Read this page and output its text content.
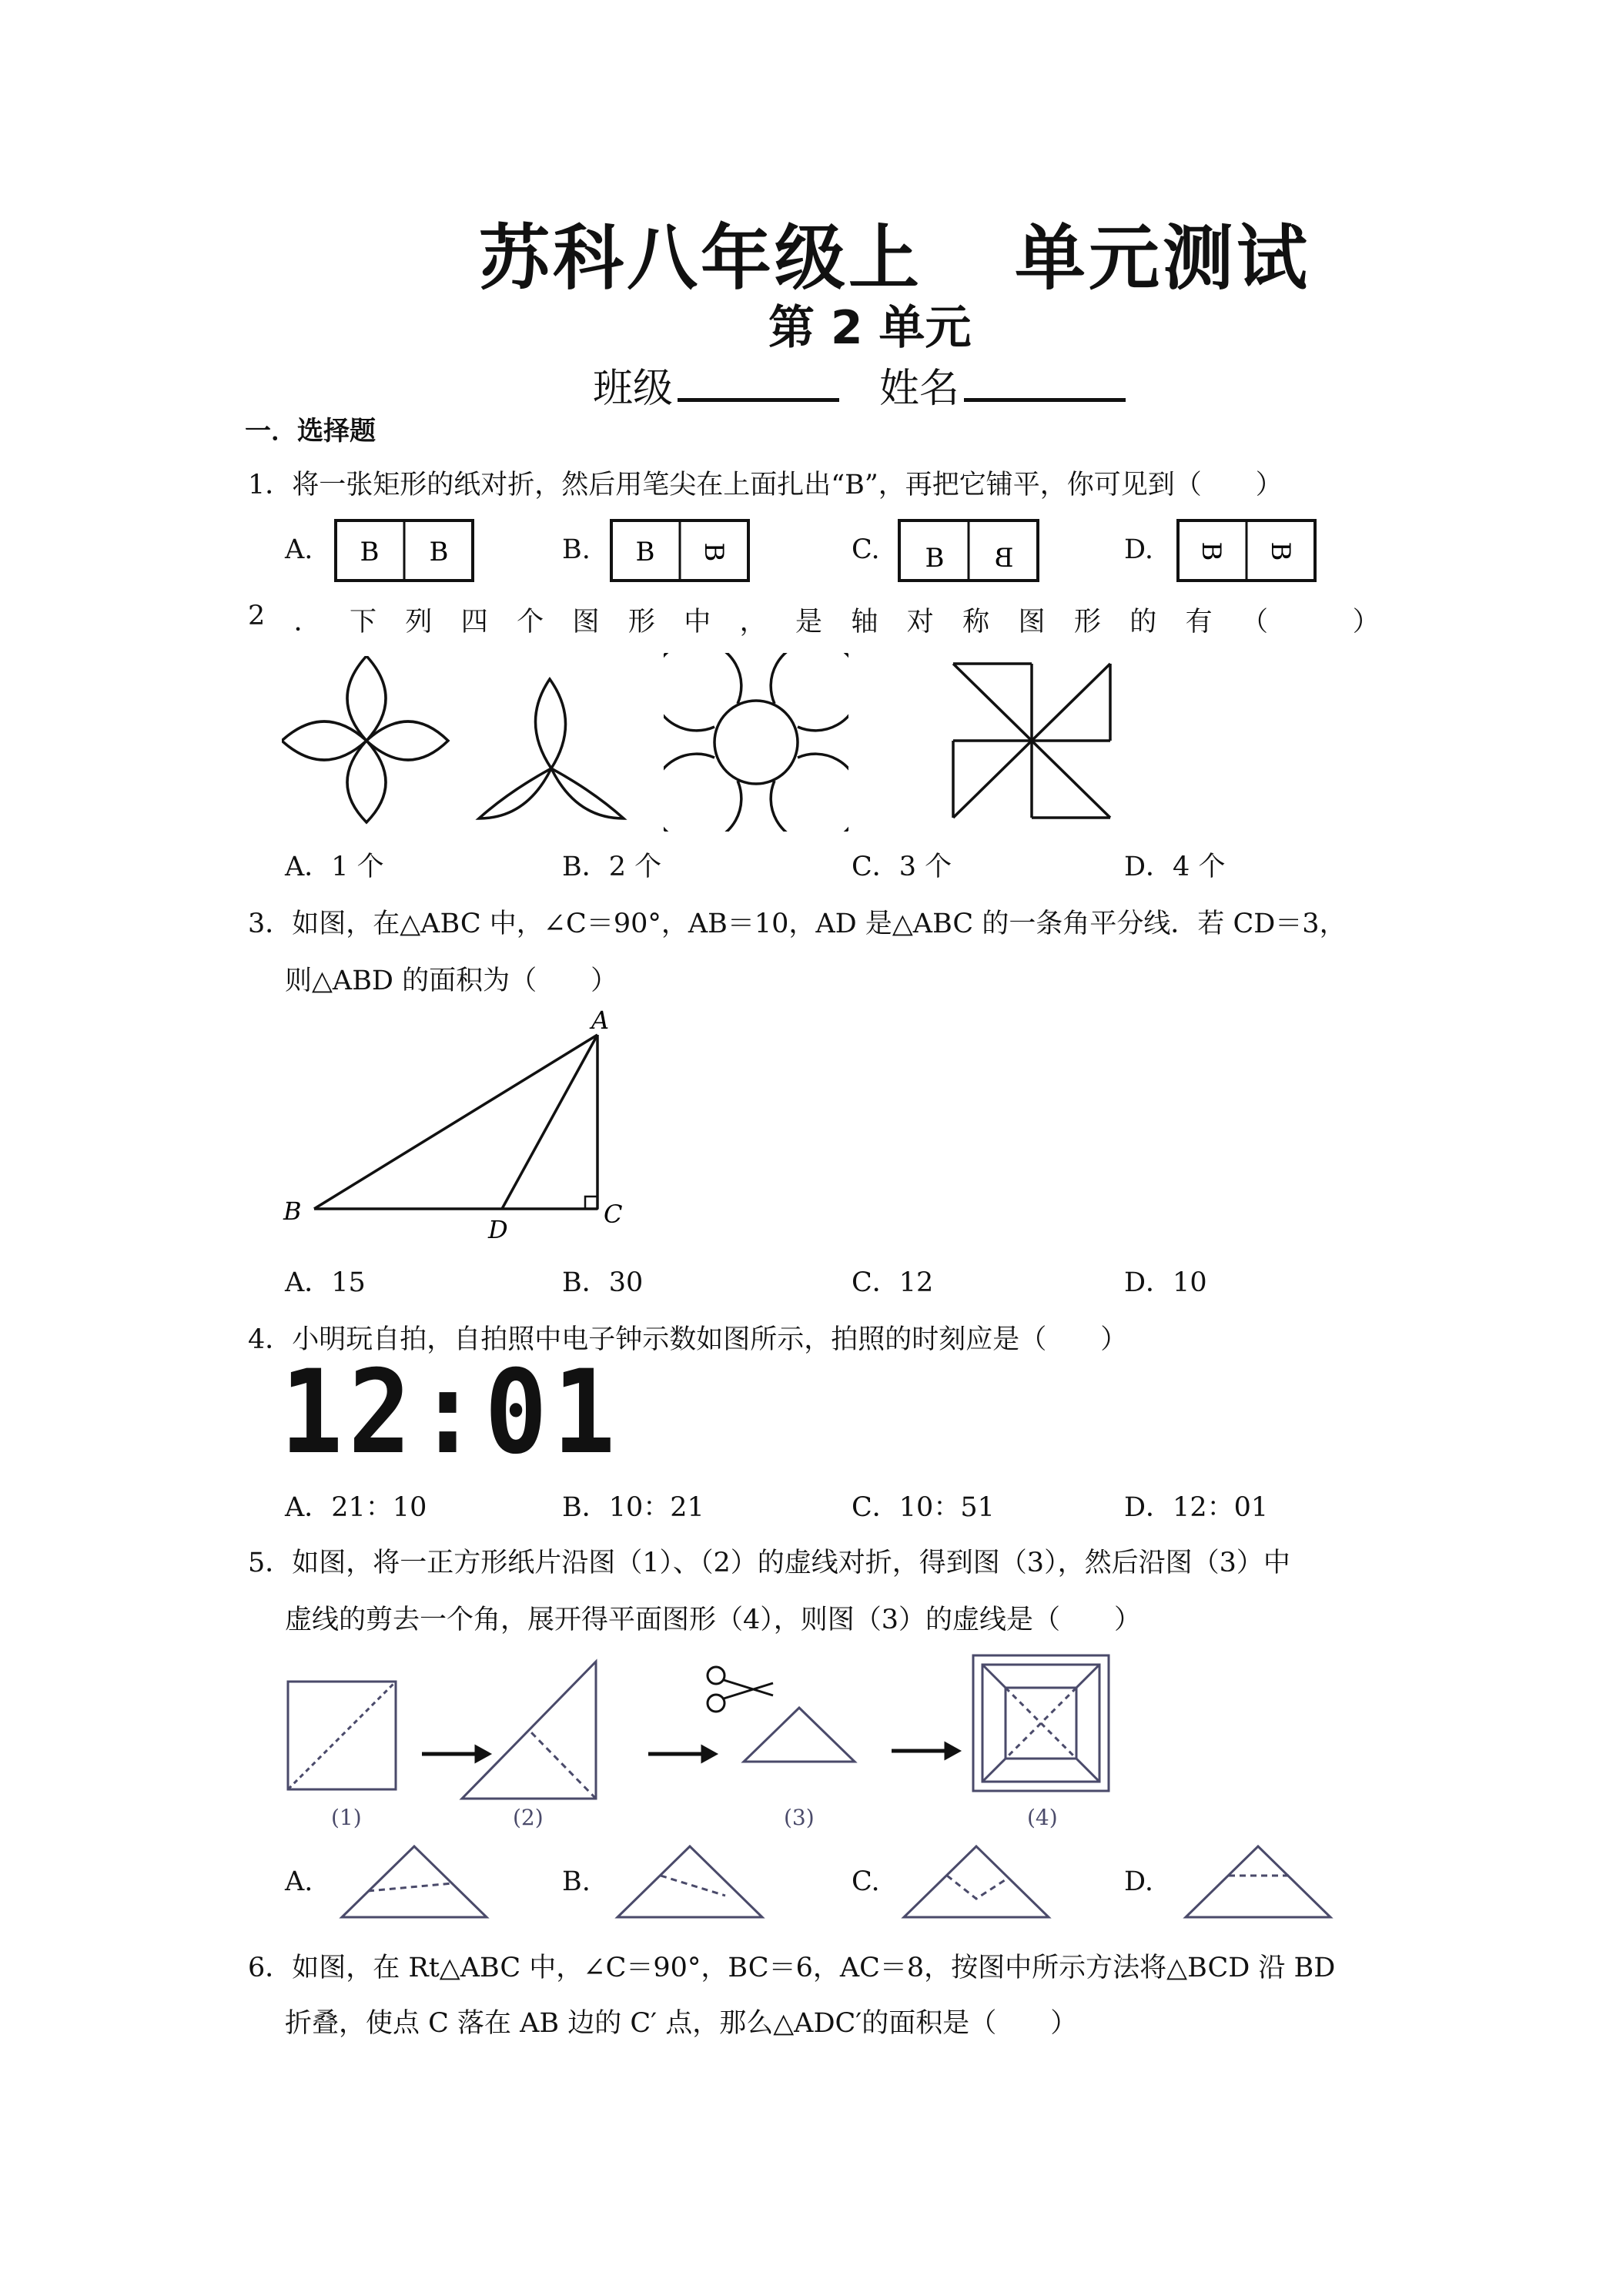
苏科八年级上 单元测试
第 2 单元
班级	姓名
一．选择题
1．将一张矩形的纸对折，然后用笔尖在上面扎出“B”，再把它铺平，你可见到（　　）
A.	B.	C.	D.
B B	B B	B B	B B
2 ． 下 列 四 个 图 形 中 ， 是 轴 对 称 图 形 的 有 （
　	）
A．1 个	B．2 个	C．3 个	D．4 个
3．如图，在△ABC 中，∠C＝90°，AB＝10，AD 是△ABC 的一条角平分线．若 CD＝3，
则△ABD 的面积为（　　）
A
B	C
D
A．15	B．30	C．12	D．10
4．小明玩自拍，自拍照中电子钟示数如图所示，拍照的时刻应是（　　）
12:01
A．21：10	B．10：21	C．10：51	D．12：01
5．如图，将一正方形纸片沿图（1）、（2）的虚线对折，得到图（3），然后沿图（3）中
虚线的剪去一个角，展开得平面图形（4），则图（3）的虚线是（　　）
(1)	(2)	(3)	(4)
A.	B.	C.	D.
6．如图，在 Rt△ABC 中，∠C＝90°，BC＝6，AC＝8，按图中所示方法将△BCD 沿 BD
折叠，使点 C 落在 AB 边的 C′ 点，那么△ADC′的面积是（　　）
